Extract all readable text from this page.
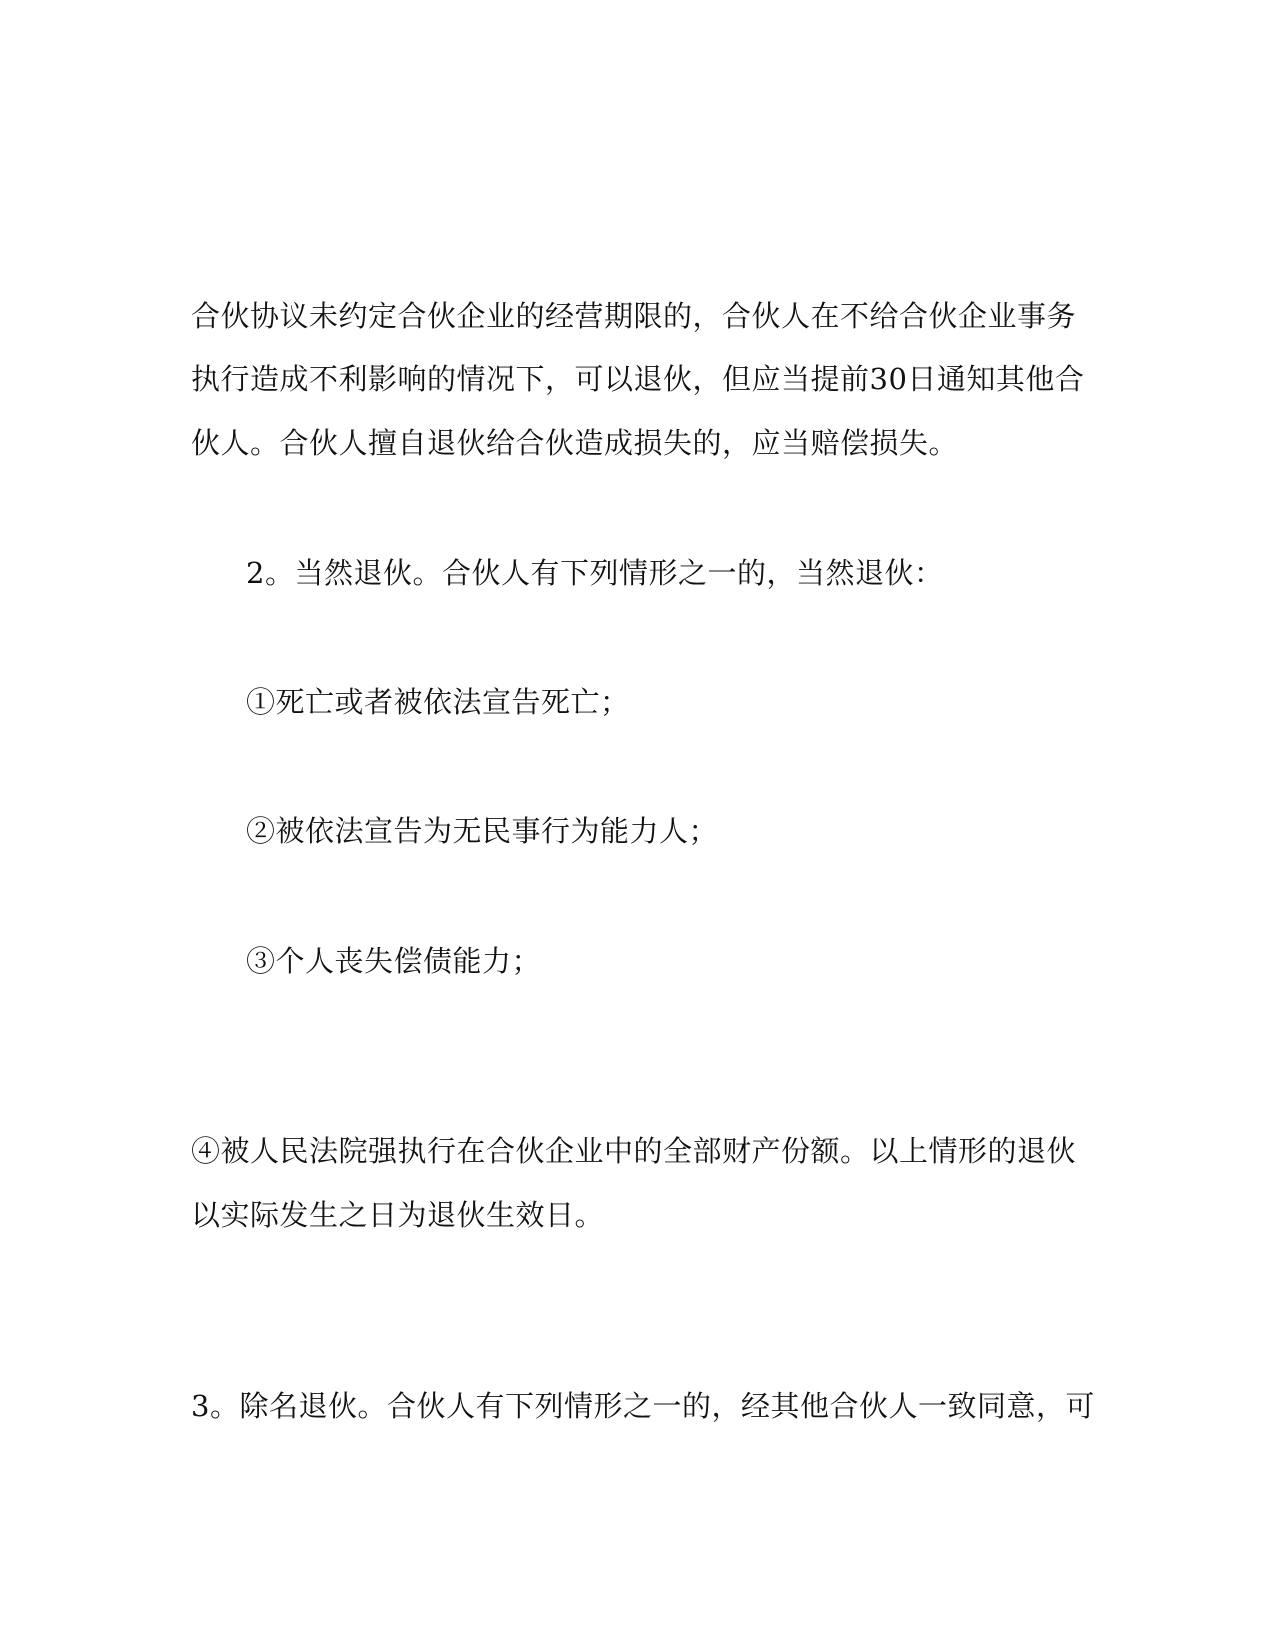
合伙协议未约定合伙企业的经营期限的，合伙人在不给合伙企业事务
执行造成不利影响的情况下，可以退伙，但应当提前30日通知其他合
伙人。合伙人擅自退伙给合伙造成损失的，应当赔偿损失。
2。当然退伙。合伙人有下列情形之一的，当然退伙：
①死亡或者被依法宣告死亡；
②被依法宣告为无民事行为能力人；
③个人丧失偿债能力；
④被人民法院强执行在合伙企业中的全部财产份额。以上情形的退伙
以实际发生之日为退伙生效日。
3。除名退伙。合伙人有下列情形之一的，经其他合伙人一致同意，可
